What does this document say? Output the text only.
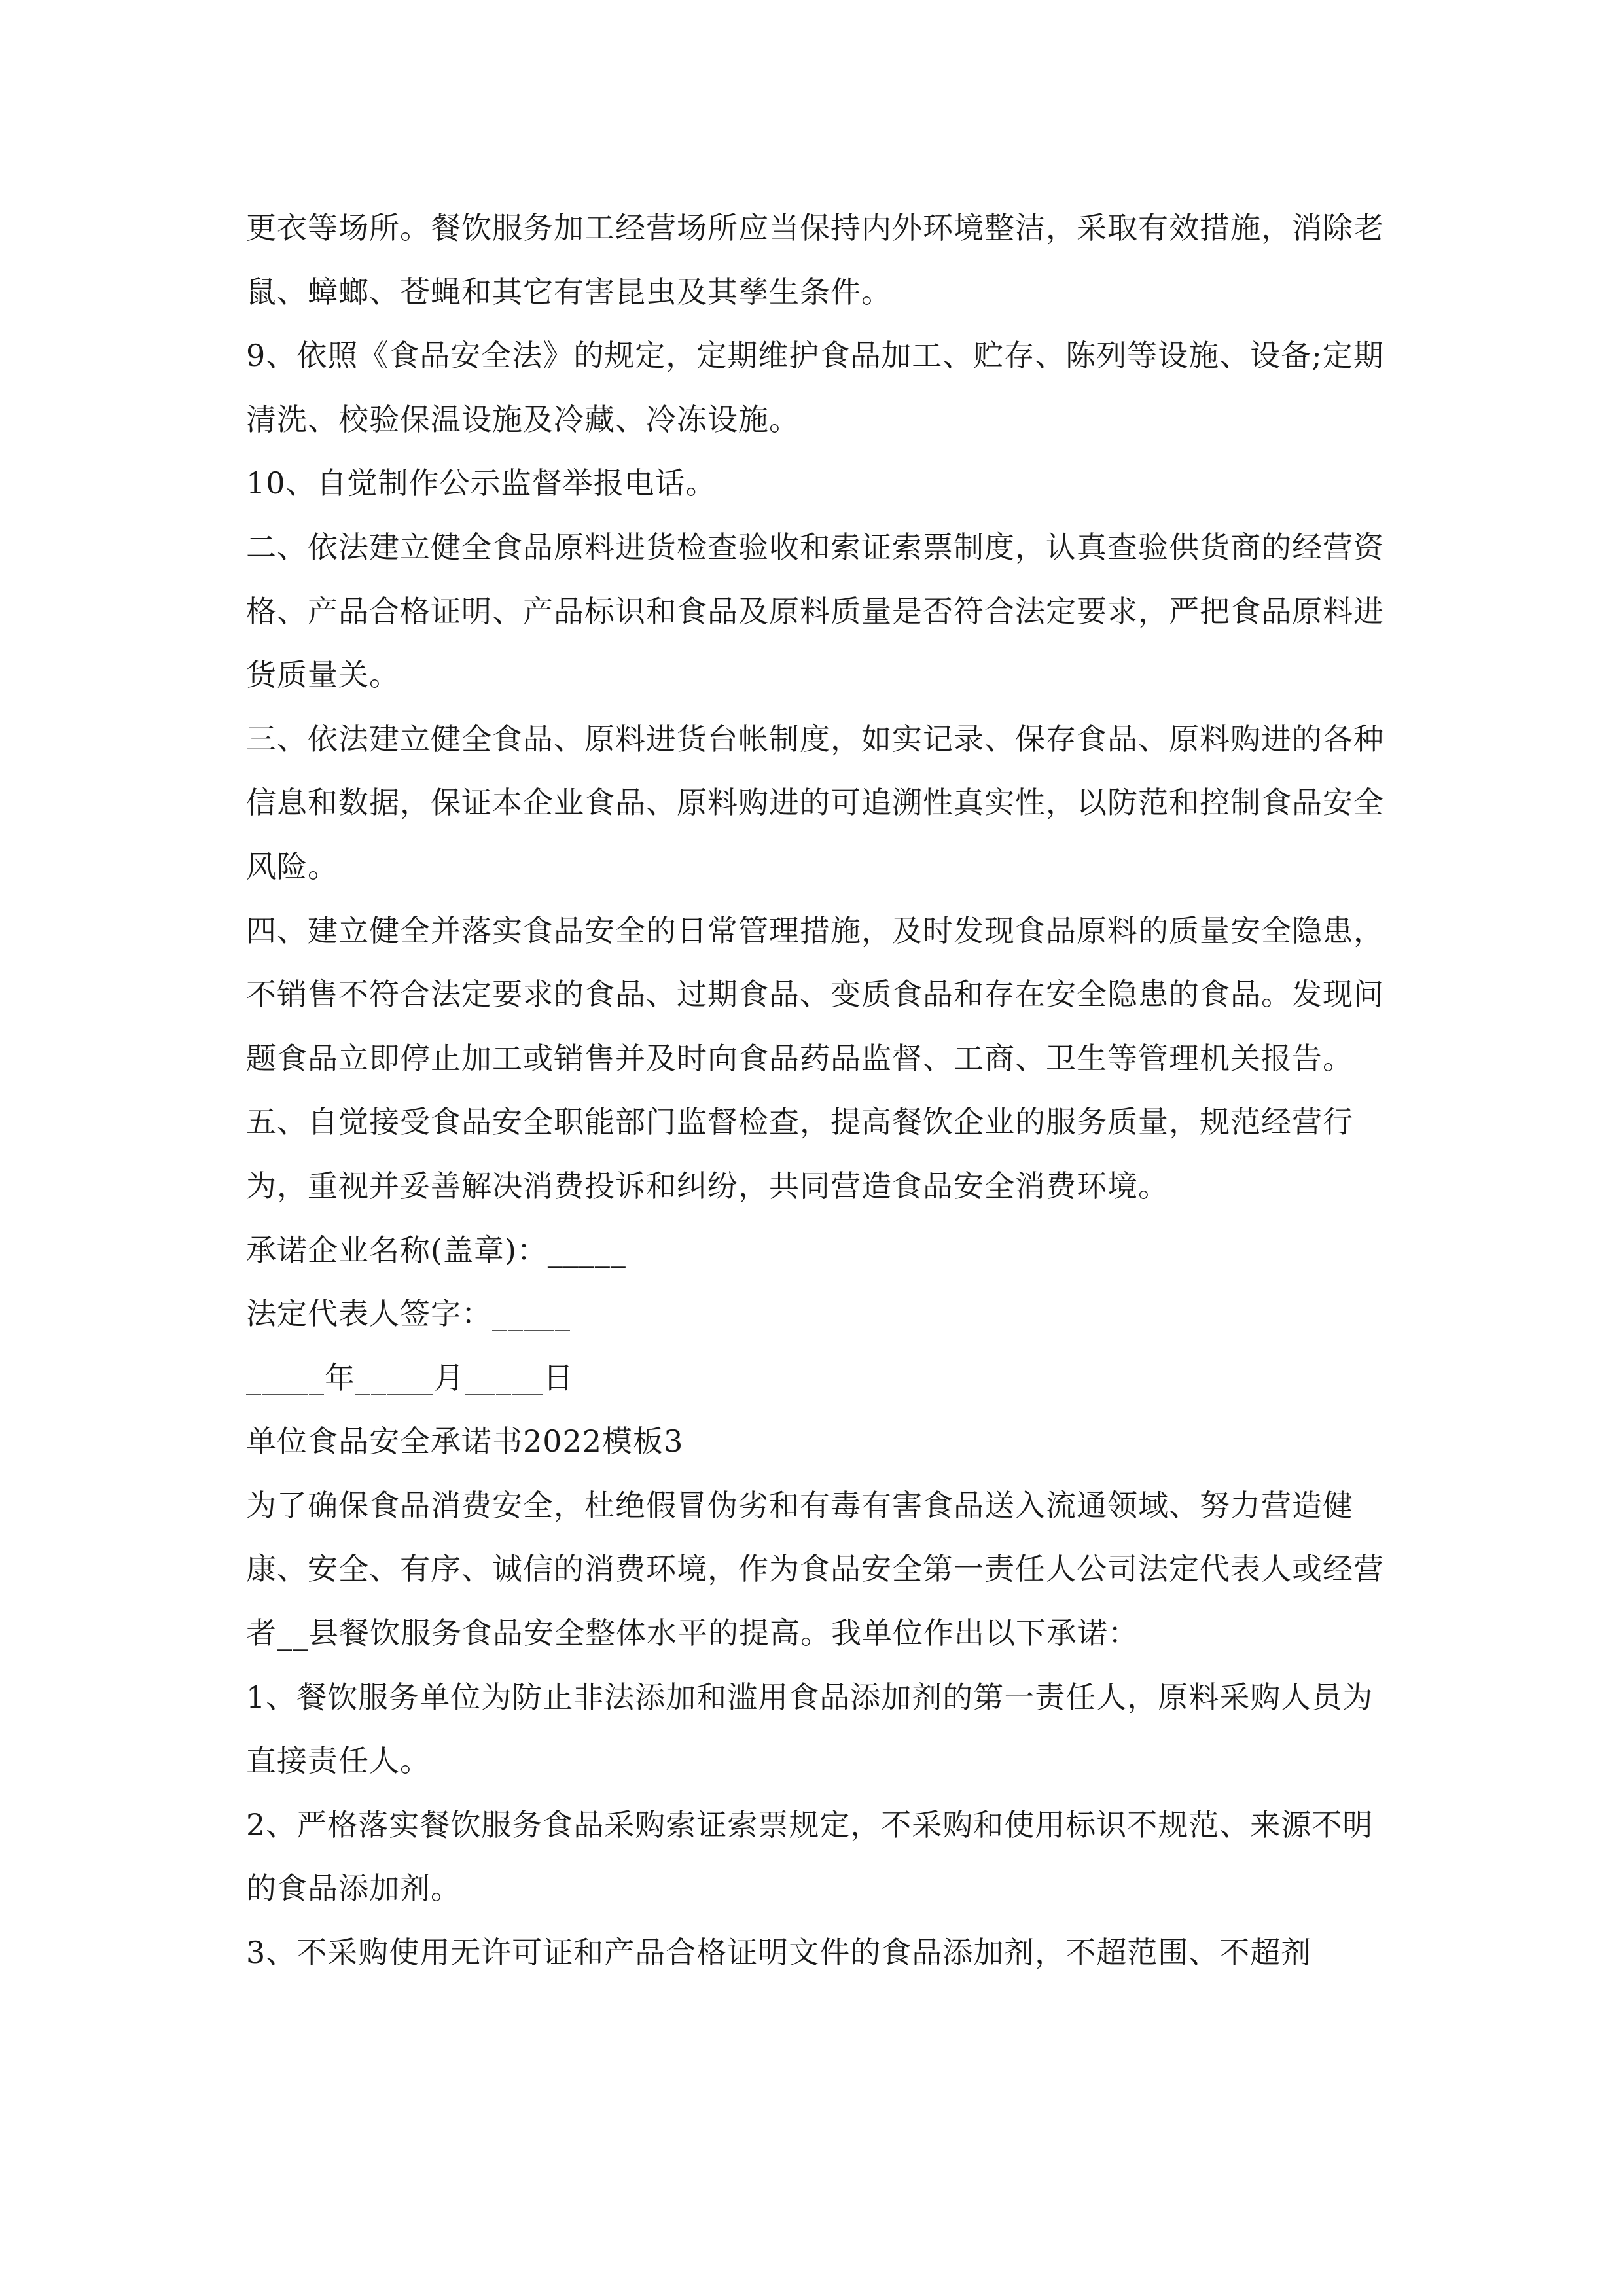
更衣等场所。餐饮服务加工经营场所应当保持内外环境整洁，采取有效措施，消除老鼠、蟑螂、苍蝇和其它有害昆虫及其孳生条件。

9、依照《食品安全法》的规定，定期维护食品加工、贮存、陈列等设施、设备;定期清洗、校验保温设施及冷藏、冷冻设施。

10、自觉制作公示监督举报电话。

二、依法建立健全食品原料进货检查验收和索证索票制度，认真查验供货商的经营资格、产品合格证明、产品标识和食品及原料质量是否符合法定要求，严把食品原料进货质量关。

三、依法建立健全食品、原料进货台帐制度，如实记录、保存食品、原料购进的各种信息和数据，保证本企业食品、原料购进的可追溯性真实性，以防范和控制食品安全风险。

四、建立健全并落实食品安全的日常管理措施，及时发现食品原料的质量安全隐患，不销售不符合法定要求的食品、过期食品、变质食品和存在安全隐患的食品。发现问题食品立即停止加工或销售并及时向食品药品监督、工商、卫生等管理机关报告。

五、自觉接受食品安全职能部门监督检查，提高餐饮企业的服务质量，规范经营行为，重视并妥善解决消费投诉和纠纷，共同营造食品安全消费环境。

承诺企业名称(盖章)：_____

法定代表人签字：_____

_____年_____月_____日

单位食品安全承诺书2022模板3

为了确保食品消费安全，杜绝假冒伪劣和有毒有害食品送入流通领域、努力营造健康、安全、有序、诚信的消费环境，作为食品安全第一责任人公司法定代表人或经营者__县餐饮服务食品安全整体水平的提高。我单位作出以下承诺：

1、餐饮服务单位为防止非法添加和滥用食品添加剂的第一责任人，原料采购人员为直接责任人。

2、严格落实餐饮服务食品采购索证索票规定，不采购和使用标识不规范、来源不明的食品添加剂。

3、不采购使用无许可证和产品合格证明文件的食品添加剂，不超范围、不超剂
